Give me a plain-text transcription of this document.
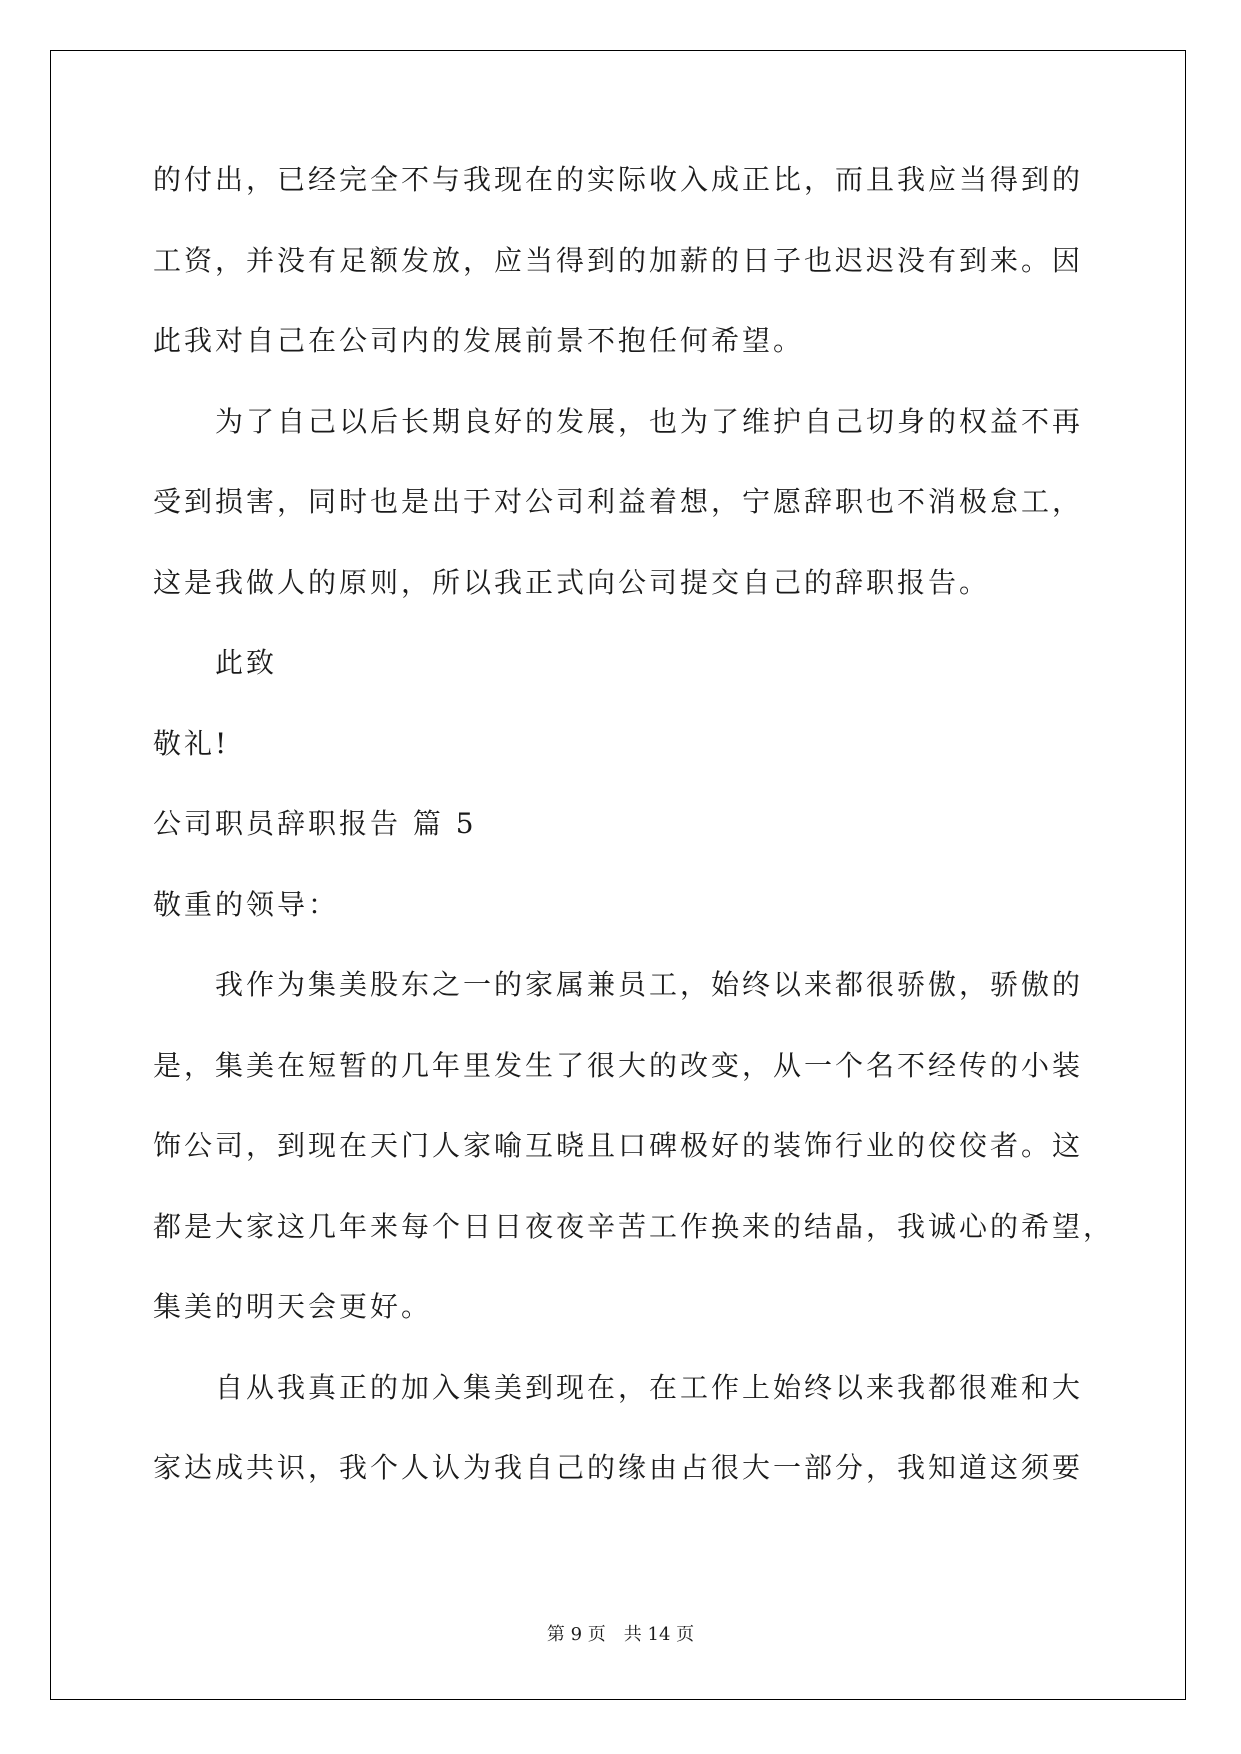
的付出，已经完全不与我现在的实际收入成正比，而且我应当得到的
工资，并没有足额发放，应当得到的加薪的日子也迟迟没有到来。因
此我对自己在公司内的发展前景不抱任何希望。
为了自己以后长期良好的发展，也为了维护自己切身的权益不再
受到损害，同时也是出于对公司利益着想，宁愿辞职也不消极怠工，
这是我做人的原则，所以我正式向公司提交自己的辞职报告。
此致
敬礼!
公司职员辞职报告 篇 5
敬重的领导：
我作为集美股东之一的家属兼员工，始终以来都很骄傲，骄傲的
是，集美在短暂的几年里发生了很大的改变，从一个名不经传的小装
饰公司，到现在天门人家喻互晓且口碑极好的装饰行业的佼佼者。这
都是大家这几年来每个日日夜夜辛苦工作换来的结晶，我诚心的希望，
集美的明天会更好。
自从我真正的加入集美到现在，在工作上始终以来我都很难和大
家达成共识，我个人认为我自己的缘由占很大一部分，我知道这须要
第 9 页 共 14 页
